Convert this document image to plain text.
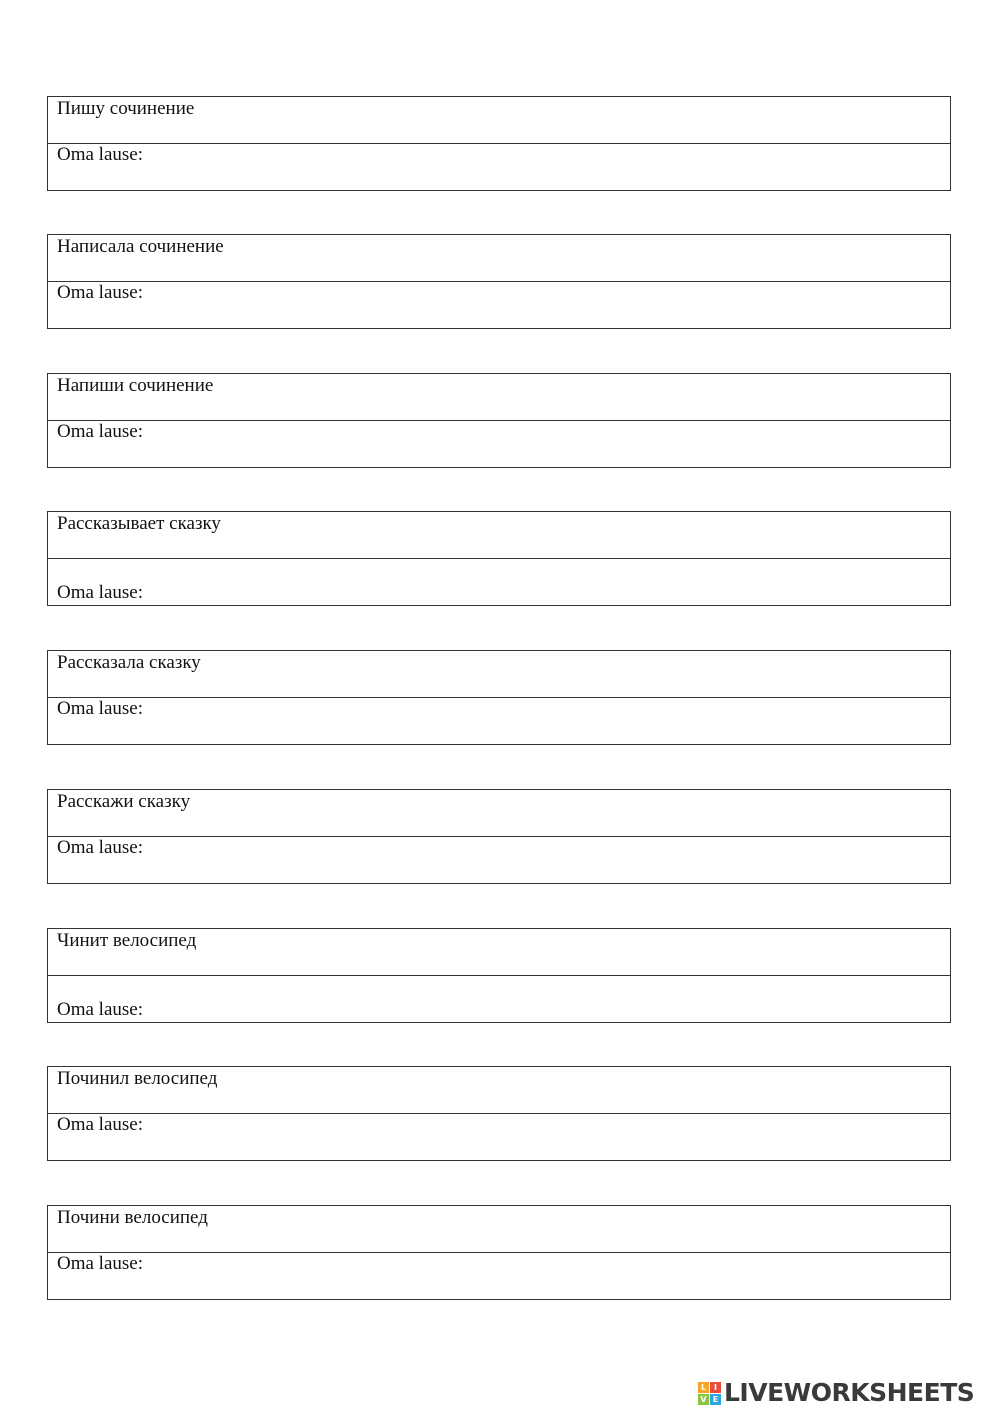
Пишу сочинение
Oma lause:
Написала сочинение
Oma lause:
Напиши сочинение
Oma lause:
Рассказывает сказку
Oma lause:
Рассказала сказку
Oma lause:
Расскажи сказку
Oma lause:
Чинит велосипед
Oma lause:
Починил велосипед
Oma lause:
Почини велосипед
Oma lause:
L I
V E LIVEWORKSHEETS
